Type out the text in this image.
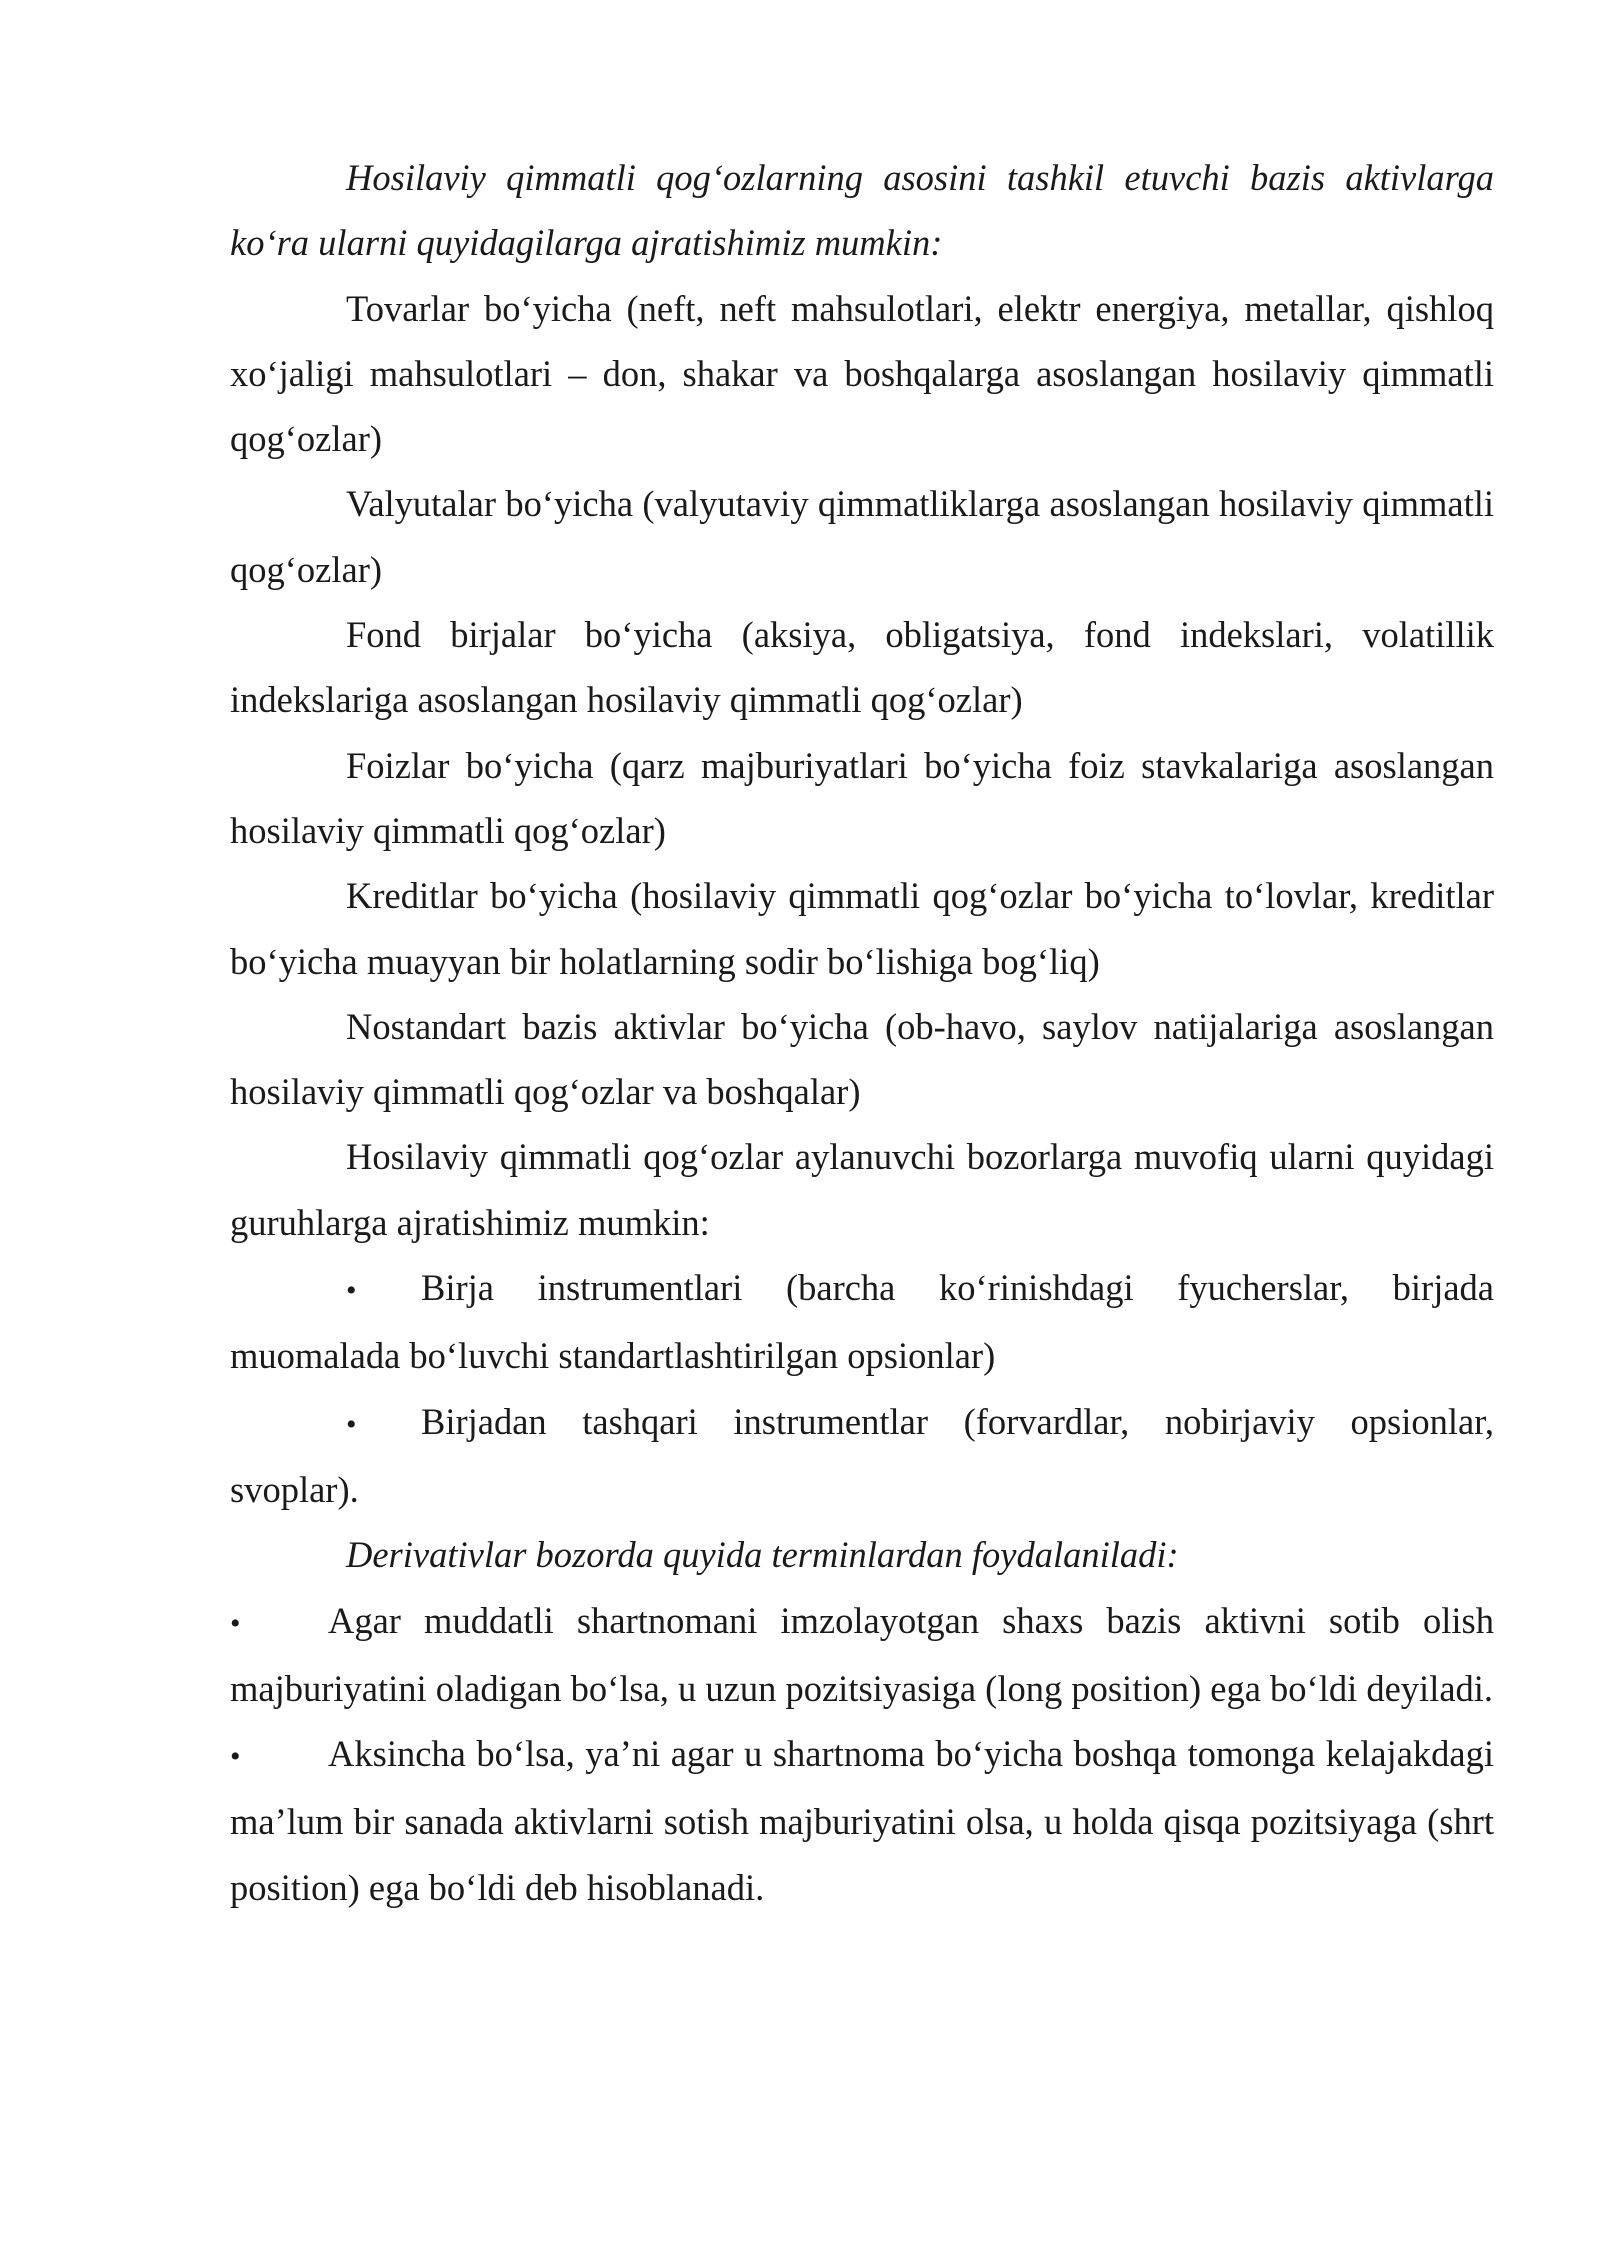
Hosilaviy qimmatli qog‘ozlarning asosini tashkil etuvchi bazis aktivlarga ko‘ra ularni quyidagilarga ajratishimiz mumkin:

Tovarlar bo‘yicha (neft, neft mahsulotlari, elektr energiya, metallar, qishloq xo‘jaligi mahsulotlari – don, shakar va boshqalarga asoslangan hosilaviy qimmatli qog‘ozlar)

Valyutalar bo‘yicha (valyutaviy qimmatliklarga asoslangan hosilaviy qimmatli qog‘ozlar)

Fond birjalar bo‘yicha (aksiya, obligatsiya, fond indekslari, volatillik indekslariga asoslangan hosilaviy qimmatli qog‘ozlar)

Foizlar bo‘yicha (qarz majburiyatlari bo‘yicha foiz stavkalariga asoslangan hosilaviy qimmatli qog‘ozlar)

Kreditlar bo‘yicha (hosilaviy qimmatli qog‘ozlar bo‘yicha to‘lovlar, kreditlar bo‘yicha muayyan bir holatlarning sodir bo‘lishiga bog‘liq)

Nostandart bazis aktivlar bo‘yicha (ob-havo, saylov natijalariga asoslangan hosilaviy qimmatli qog‘ozlar va boshqalar)

Hosilaviy qimmatli qog‘ozlar aylanuvchi bozorlarga muvofiq ularni quyidagi guruhlarga ajratishimiz mumkin:

• Birja instrumentlari (barcha ko‘rinishdagi fyucherslar, birjada muomalada bo‘luvchi standartlashtirilgan opsionlar)

• Birjadan tashqari instrumentlar (forvardlar, nobirjaviy opsionlar, svoplar).

Derivativlar bozorda quyida terminlardan foydalaniladi:

• Agar muddatli shartnomani imzolayotgan shaxs bazis aktivni sotib olish majburiyatini oladigan bo‘lsa, u uzun pozitsiyasiga (long position) ega bo‘ldi deyiladi.

• Aksincha bo‘lsa, ya’ni agar u shartnoma bo‘yicha boshqa tomonga kelajakdagi ma’lum bir sanada aktivlarni sotish majburiyatini olsa, u holda qisqa pozitsiyaga (shrt position) ega bo‘ldi deb hisoblanadi.
